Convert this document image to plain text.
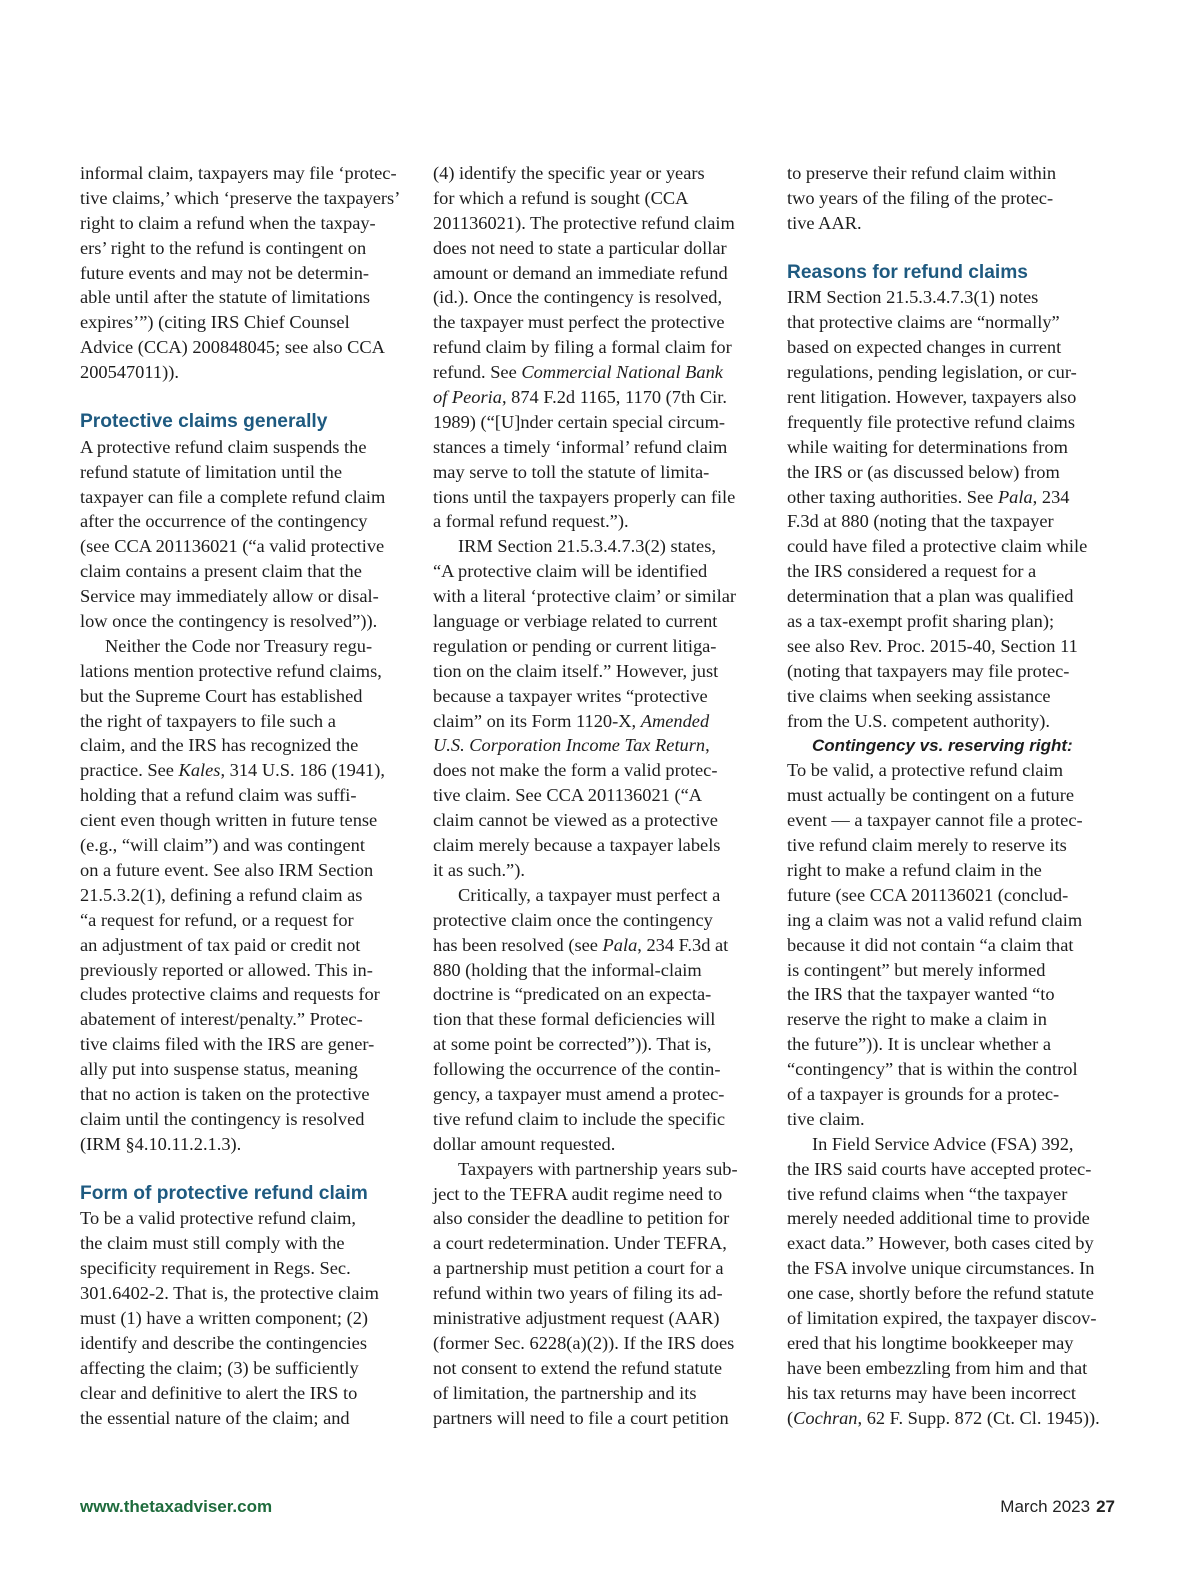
informal claim, taxpayers may file ‘protec-
tive claims,’ which ‘preserve the taxpayers’
right to claim a refund when the taxpay-
ers’ right to the refund is contingent on
future events and may not be determin-
able until after the statute of limitations
expires’”) (citing IRS Chief Counsel
Advice (CCA) 200848045; see also CCA
200547011)).
Protective claims generally
A protective refund claim suspends the
refund statute of limitation until the
taxpayer can file a complete refund claim
after the occurrence of the contingency
(see CCA 201136021 (“a valid protective
claim contains a present claim that the
Service may immediately allow or disal-
low once the contingency is resolved”)).
Neither the Code nor Treasury regu-
lations mention protective refund claims,
but the Supreme Court has established
the right of taxpayers to file such a
claim, and the IRS has recognized the
practice. See Kales, 314 U.S. 186 (1941),
holding that a refund claim was suffi-
cient even though written in future tense
(e.g., “will claim”) and was contingent
on a future event. See also IRM Section
21.5.3.2(1), defining a refund claim as
“a request for refund, or a request for
an adjustment of tax paid or credit not
previously reported or allowed. This in-
cludes protective claims and requests for
abatement of interest/penalty.” Protec-
tive claims filed with the IRS are gener-
ally put into suspense status, meaning
that no action is taken on the protective
claim until the contingency is resolved
(IRM §4.10.11.2.1.3).
Form of protective refund claim
To be a valid protective refund claim,
the claim must still comply with the
specificity requirement in Regs. Sec.
301.6402-2. That is, the protective claim
must (1) have a written component; (2)
identify and describe the contingencies
affecting the claim; (3) be sufficiently
clear and definitive to alert the IRS to
the essential nature of the claim; and
(4) identify the specific year or years
for which a refund is sought (CCA
201136021). The protective refund claim
does not need to state a particular dollar
amount or demand an immediate refund
(id.). Once the contingency is resolved,
the taxpayer must perfect the protective
refund claim by filing a formal claim for
refund. See Commercial National Bank
of Peoria, 874 F.2d 1165, 1170 (7th Cir.
1989) (“[U]nder certain special circum-
stances a timely ‘informal’ refund claim
may serve to toll the statute of limita-
tions until the taxpayers properly can file
a formal refund request.”).
IRM Section 21.5.3.4.7.3(2) states,
“A protective claim will be identified
with a literal ‘protective claim’ or similar
language or verbiage related to current
regulation or pending or current litiga-
tion on the claim itself.” However, just
because a taxpayer writes “protective
claim” on its Form 1120-X, Amended
U.S. Corporation Income Tax Return,
does not make the form a valid protec-
tive claim. See CCA 201136021 (“A
claim cannot be viewed as a protective
claim merely because a taxpayer labels
it as such.”).
Critically, a taxpayer must perfect a
protective claim once the contingency
has been resolved (see Pala, 234 F.3d at
880 (holding that the informal-claim
doctrine is “predicated on an expecta-
tion that these formal deficiencies will
at some point be corrected”)). That is,
following the occurrence of the contin-
gency, a taxpayer must amend a protec-
tive refund claim to include the specific
dollar amount requested.
Taxpayers with partnership years sub-
ject to the TEFRA audit regime need to
also consider the deadline to petition for
a court redetermination. Under TEFRA,
a partnership must petition a court for a
refund within two years of filing its ad-
ministrative adjustment request (AAR)
(former Sec. 6228(a)(2)). If the IRS does
not consent to extend the refund statute
of limitation, the partnership and its
partners will need to file a court petition
to preserve their refund claim within
two years of the filing of the protec-
tive AAR.
Reasons for refund claims
IRM Section 21.5.3.4.7.3(1) notes
that protective claims are “normally”
based on expected changes in current
regulations, pending legislation, or cur-
rent litigation. However, taxpayers also
frequently file protective refund claims
while waiting for determinations from
the IRS or (as discussed below) from
other taxing authorities. See Pala, 234
F.3d at 880 (noting that the taxpayer
could have filed a protective claim while
the IRS considered a request for a
determination that a plan was qualified
as a tax-exempt profit sharing plan);
see also Rev. Proc. 2015-40, Section 11
(noting that taxpayers may file protec-
tive claims when seeking assistance
from the U.S. competent authority).
Contingency vs. reserving right:
To be valid, a protective refund claim
must actually be contingent on a future
event — a taxpayer cannot file a protec-
tive refund claim merely to reserve its
right to make a refund claim in the
future (see CCA 201136021 (conclud-
ing a claim was not a valid refund claim
because it did not contain “a claim that
is contingent” but merely informed
the IRS that the taxpayer wanted “to
reserve the right to make a claim in
the future”)). It is unclear whether a
“contingency” that is within the control
of a taxpayer is grounds for a protec-
tive claim.
In Field Service Advice (FSA) 392,
the IRS said courts have accepted protec-
tive refund claims when “the taxpayer
merely needed additional time to provide
exact data.” However, both cases cited by
the FSA involve unique circumstances. In
one case, shortly before the refund statute
of limitation expired, the taxpayer discov-
ered that his longtime bookkeeper may
have been embezzling from him and that
his tax returns may have been incorrect
(Cochran, 62 F. Supp. 872 (Ct. Cl. 1945)).
www.thetaxadviser.com	March 2023 27
